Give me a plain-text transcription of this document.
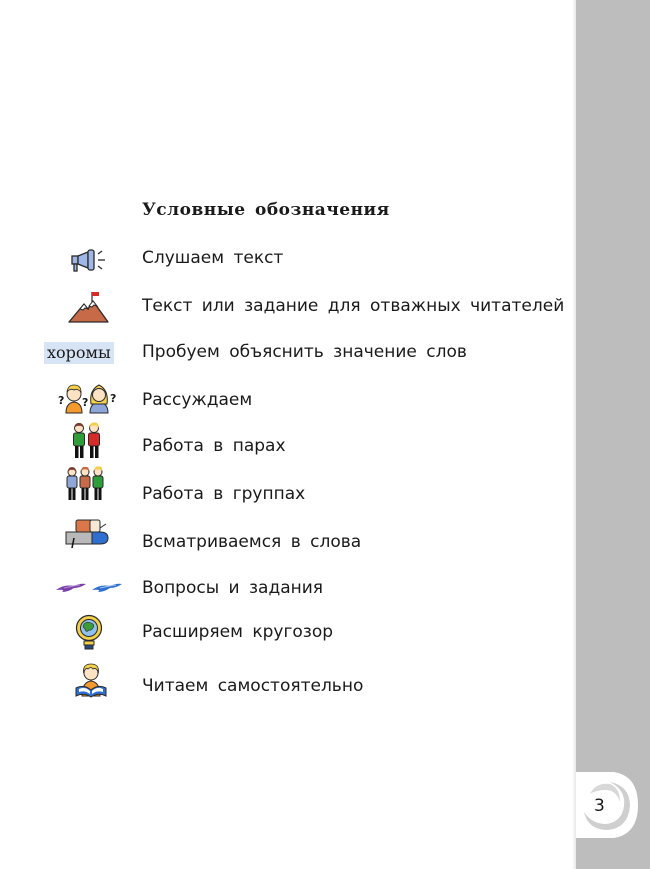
Условные обозначения
Слушаем текст
Текст или задание для отважных читателей
хоромы Пробуем объяснить значение слов
? ? ? Рассуждаем
Работа в парах
Работа в группах
Всматриваемся в слова
Вопросы и задания
Расширяем кругозор
Читаем самостоятельно
3
